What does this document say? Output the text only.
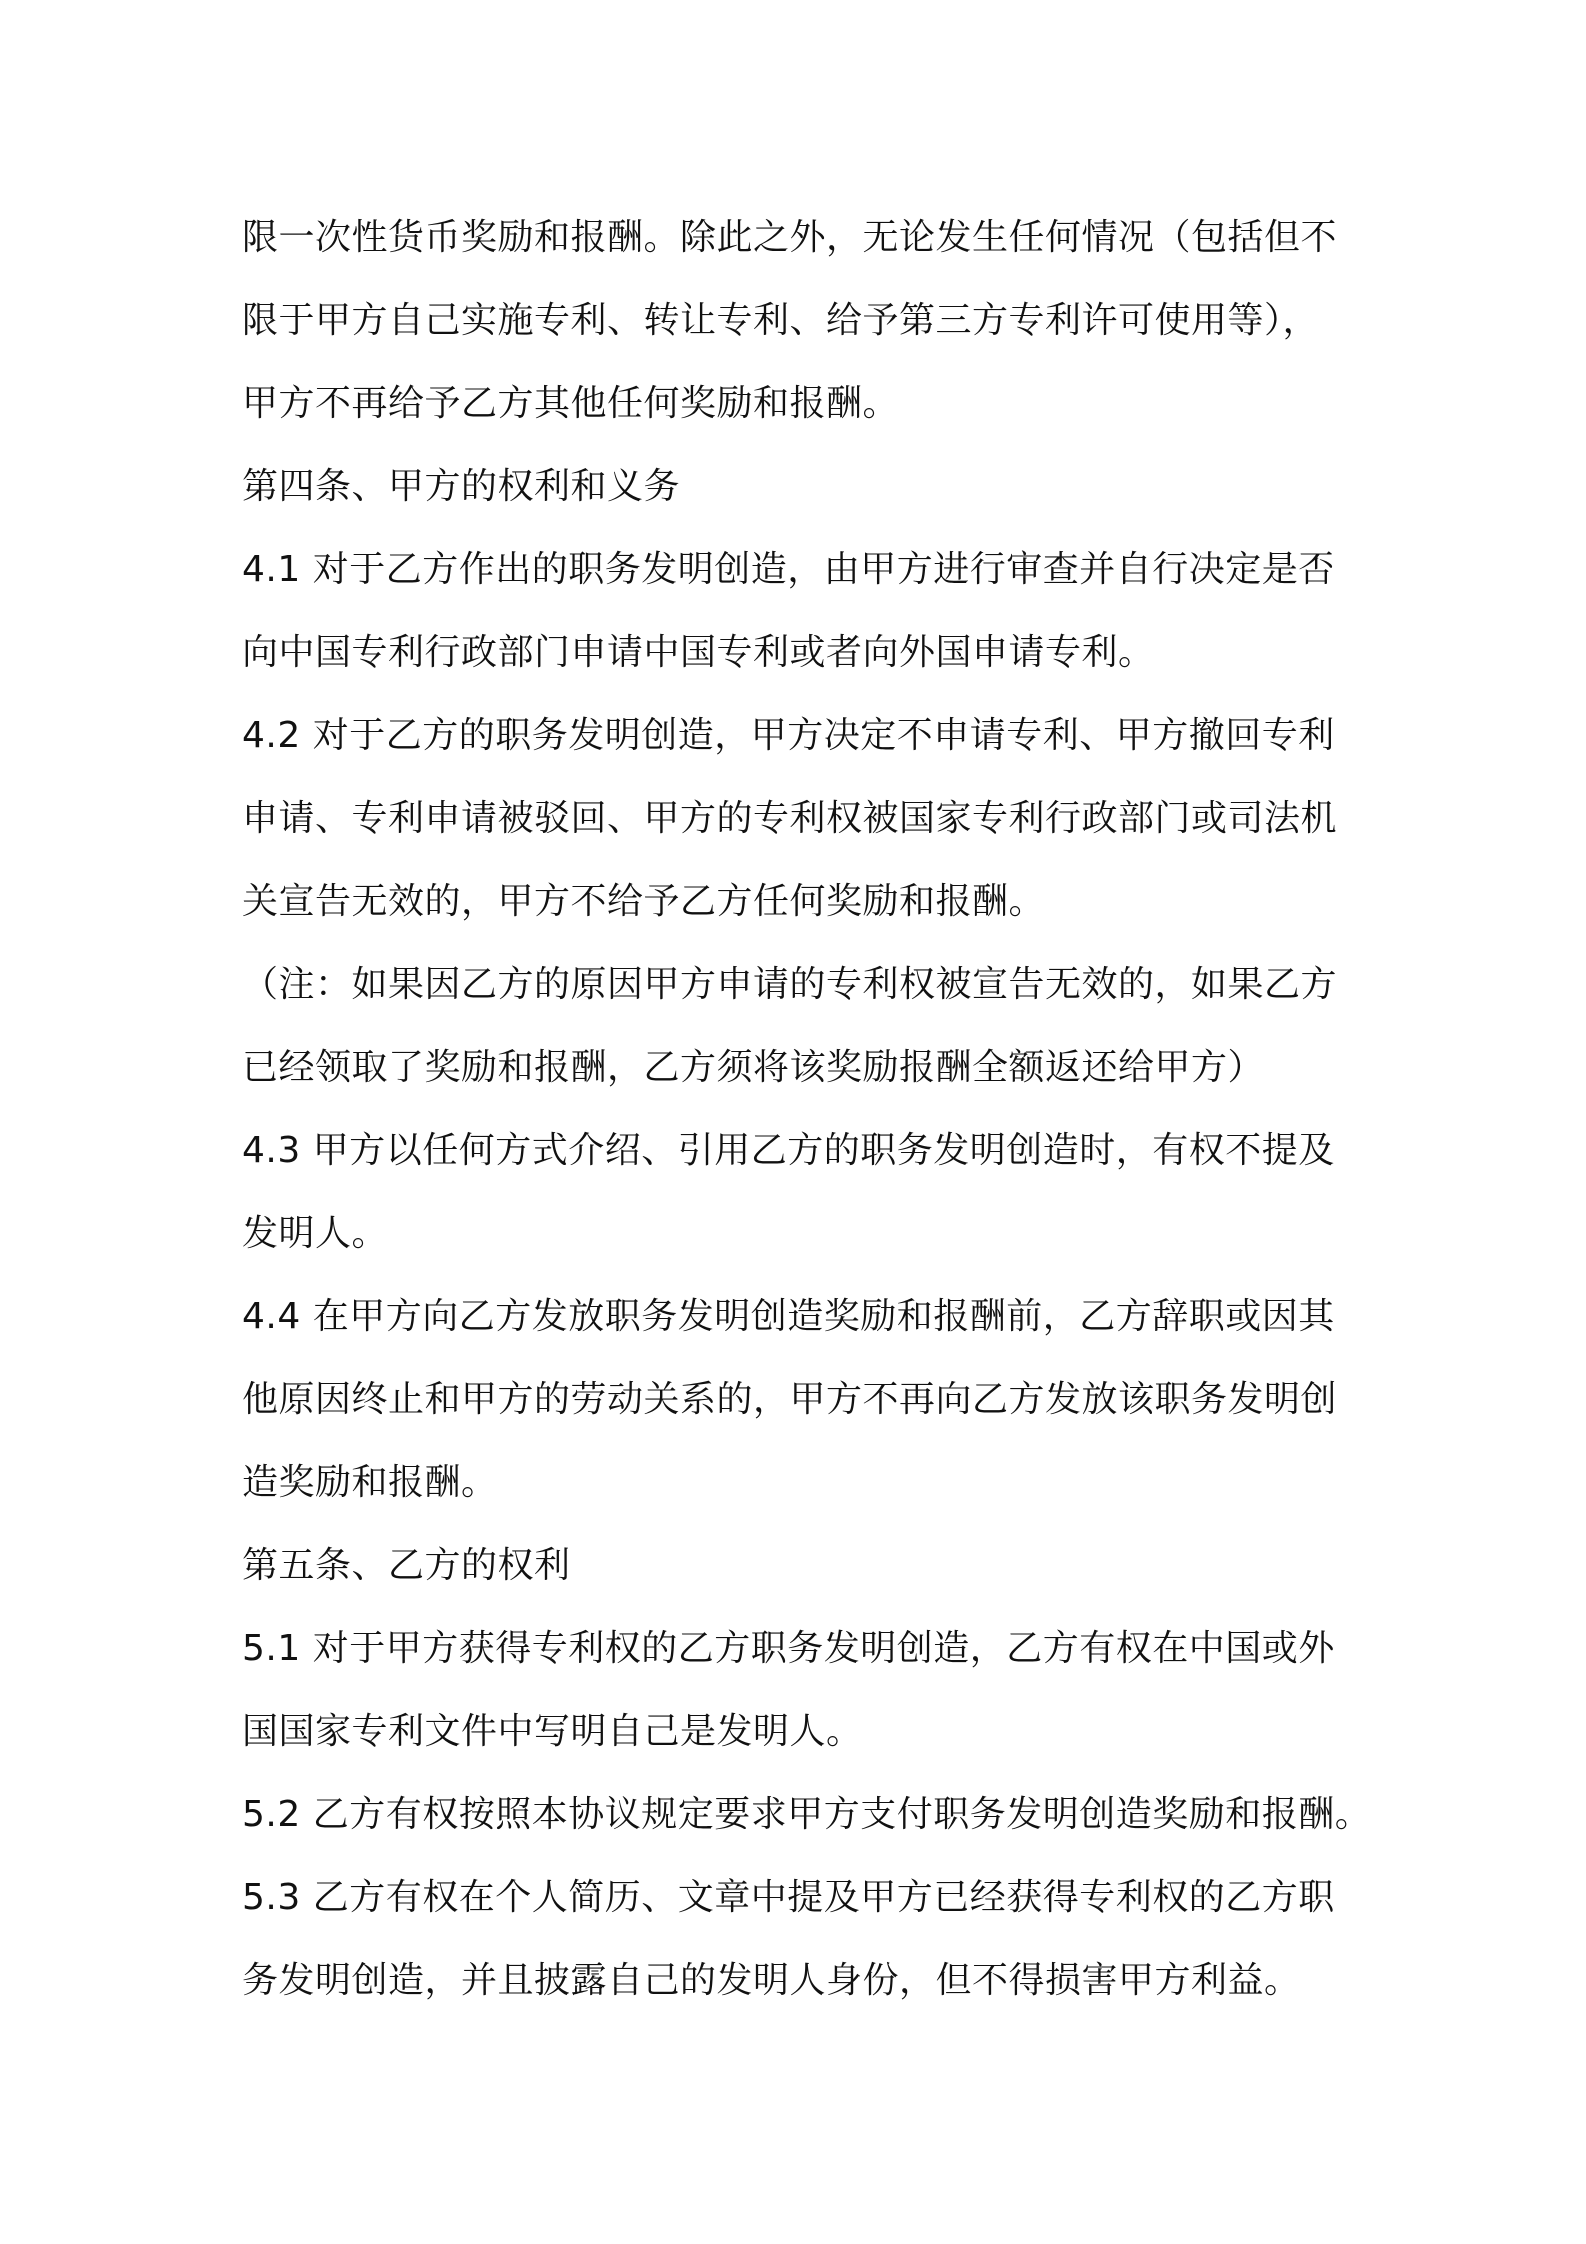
限一次性货币奖励和报酬。除此之外，无论发生任何情况（包括但不
限于甲方自己实施专利、转让专利、给予第三方专利许可使用等），
甲方不再给予乙方其他任何奖励和报酬。
第四条、甲方的权利和义务
4.1 对于乙方作出的职务发明创造，由甲方进行审查并自行决定是否
向中国专利行政部门申请中国专利或者向外国申请专利。
4.2 对于乙方的职务发明创造，甲方决定不申请专利、甲方撤回专利
申请、专利申请被驳回、甲方的专利权被国家专利行政部门或司法机
关宣告无效的，甲方不给予乙方任何奖励和报酬。
（注：如果因乙方的原因甲方申请的专利权被宣告无效的，如果乙方
已经领取了奖励和报酬，乙方须将该奖励报酬全额返还给甲方）
4.3 甲方以任何方式介绍、引用乙方的职务发明创造时，有权不提及
发明人。
4.4 在甲方向乙方发放职务发明创造奖励和报酬前，乙方辞职或因其
他原因终止和甲方的劳动关系的，甲方不再向乙方发放该职务发明创
造奖励和报酬。
第五条、乙方的权利
5.1 对于甲方获得专利权的乙方职务发明创造，乙方有权在中国或外
国国家专利文件中写明自己是发明人。
5.2 乙方有权按照本协议规定要求甲方支付职务发明创造奖励和报酬。
5.3 乙方有权在个人简历、文章中提及甲方已经获得专利权的乙方职
务发明创造，并且披露自己的发明人身份，但不得损害甲方利益。
